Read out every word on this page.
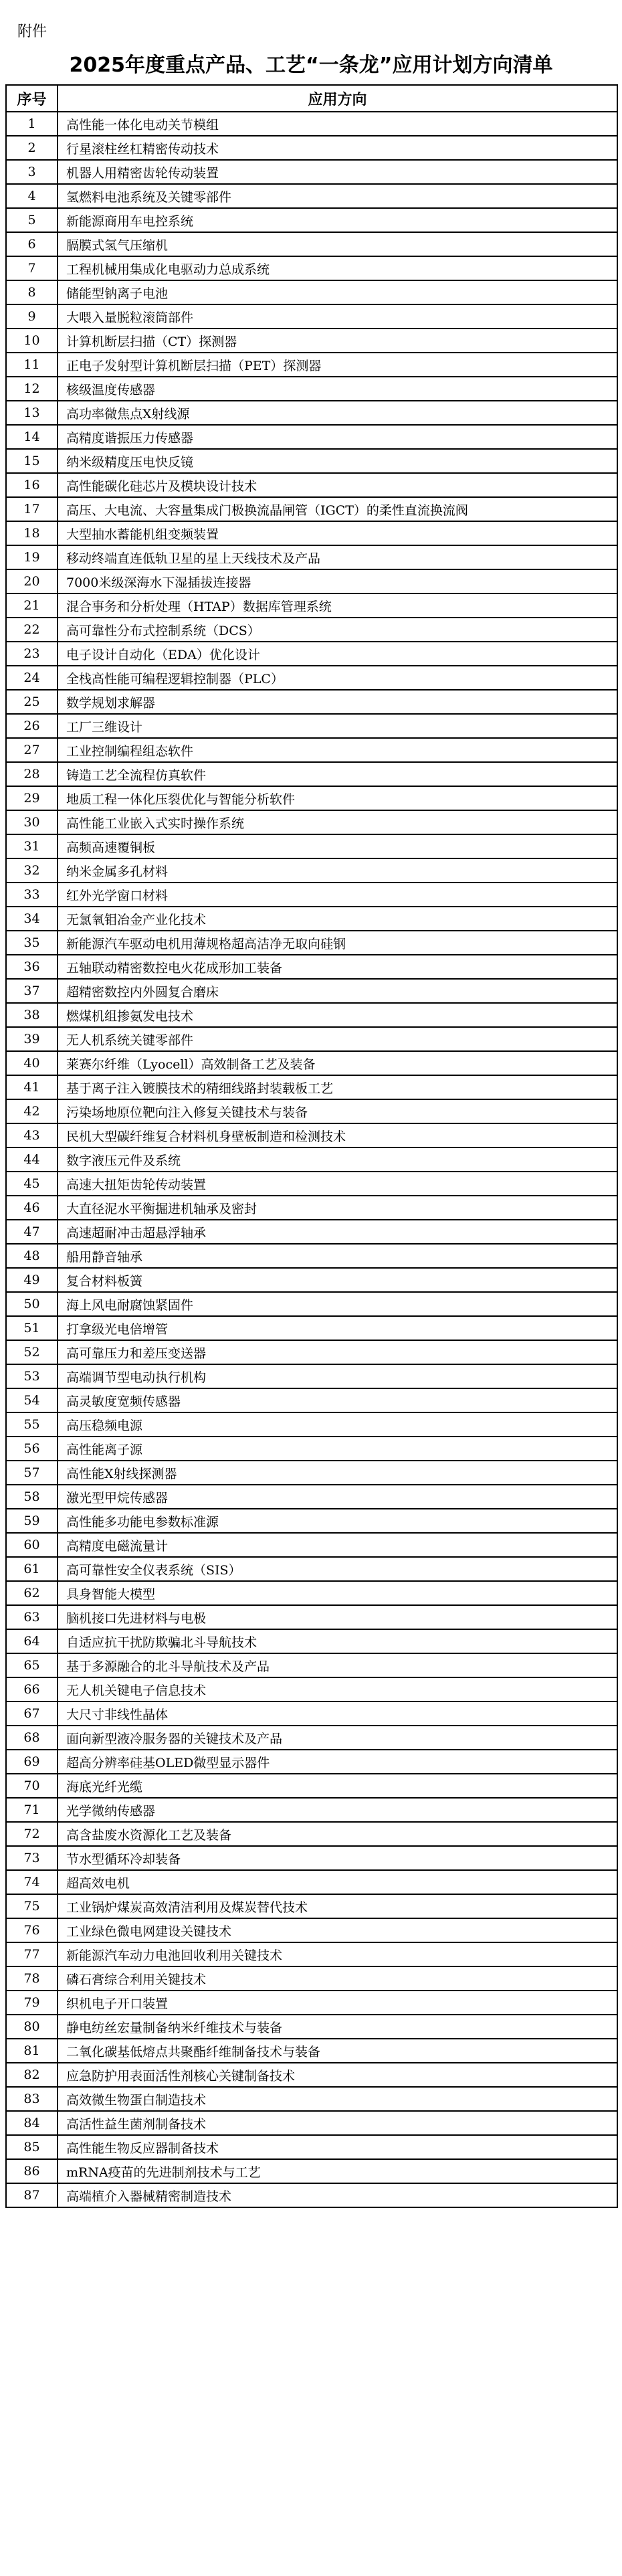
附件
2025年度重点产品、工艺“一条龙”应用计划方向清单
序号	应用方向
1	高性能一体化电动关节模组
2	行星滚柱丝杠精密传动技术
3	机器人用精密齿轮传动装置
4	氢燃料电池系统及关键零部件
5	新能源商用车电控系统
6	膈膜式氢气压缩机
7	工程机械用集成化电驱动力总成系统
8	储能型钠离子电池
9	大喂入量脱粒滚筒部件
10	计算机断层扫描（CT）探测器
11	正电子发射型计算机断层扫描（PET）探测器
12	核级温度传感器
13	高功率微焦点X射线源
14	高精度谐振压力传感器
15	纳米级精度压电快反镜
16	高性能碳化硅芯片及模块设计技术
17	高压、大电流、大容量集成门极换流晶闸管（IGCT）的柔性直流换流阀
18	大型抽水蓄能机组变频装置
19	移动终端直连低轨卫星的星上天线技术及产品
20	7000米级深海水下湿插拔连接器
21	混合事务和分析处理（HTAP）数据库管理系统
22	高可靠性分布式控制系统（DCS）
23	电子设计自动化（EDA）优化设计
24	全栈高性能可编程逻辑控制器（PLC）
25	数学规划求解器
26	工厂三维设计
27	工业控制编程组态软件
28	铸造工艺全流程仿真软件
29	地质工程一体化压裂优化与智能分析软件
30	高性能工业嵌入式实时操作系统
31	高频高速覆铜板
32	纳米金属多孔材料
33	红外光学窗口材料
34	无氯氧钼冶金产业化技术
35	新能源汽车驱动电机用薄规格超高洁净无取向硅钢
36	五轴联动精密数控电火花成形加工装备
37	超精密数控内外圆复合磨床
38	燃煤机组掺氨发电技术
39	无人机系统关键零部件
40	莱赛尔纤维（Lyocell）高效制备工艺及装备
41	基于离子注入镀膜技术的精细线路封装载板工艺
42	污染场地原位靶向注入修复关键技术与装备
43	民机大型碳纤维复合材料机身壁板制造和检测技术
44	数字液压元件及系统
45	高速大扭矩齿轮传动装置
46	大直径泥水平衡掘进机轴承及密封
47	高速超耐冲击超悬浮轴承
48	船用静音轴承
49	复合材料板簧
50	海上风电耐腐蚀紧固件
51	打拿级光电倍增管
52	高可靠压力和差压变送器
53	高端调节型电动执行机构
54	高灵敏度宽频传感器
55	高压稳频电源
56	高性能离子源
57	高性能X射线探测器
58	激光型甲烷传感器
59	高性能多功能电参数标准源
60	高精度电磁流量计
61	高可靠性安全仪表系统（SIS）
62	具身智能大模型
63	脑机接口先进材料与电极
64	自适应抗干扰防欺骗北斗导航技术
65	基于多源融合的北斗导航技术及产品
66	无人机关键电子信息技术
67	大尺寸非线性晶体
68	面向新型液冷服务器的关键技术及产品
69	超高分辨率硅基OLED微型显示器件
70	海底光纤光缆
71	光学微纳传感器
72	高含盐废水资源化工艺及装备
73	节水型循环冷却装备
74	超高效电机
75	工业锅炉煤炭高效清洁利用及煤炭替代技术
76	工业绿色微电网建设关键技术
77	新能源汽车动力电池回收利用关键技术
78	磷石膏综合利用关键技术
79	织机电子开口装置
80	静电纺丝宏量制备纳米纤维技术与装备
81	二氧化碳基低熔点共聚酯纤维制备技术与装备
82	应急防护用表面活性剂核心关键制备技术
83	高效微生物蛋白制造技术
84	高活性益生菌剂制备技术
85	高性能生物反应器制备技术
86	mRNA疫苗的先进制剂技术与工艺
87	高端植介入器械精密制造技术
